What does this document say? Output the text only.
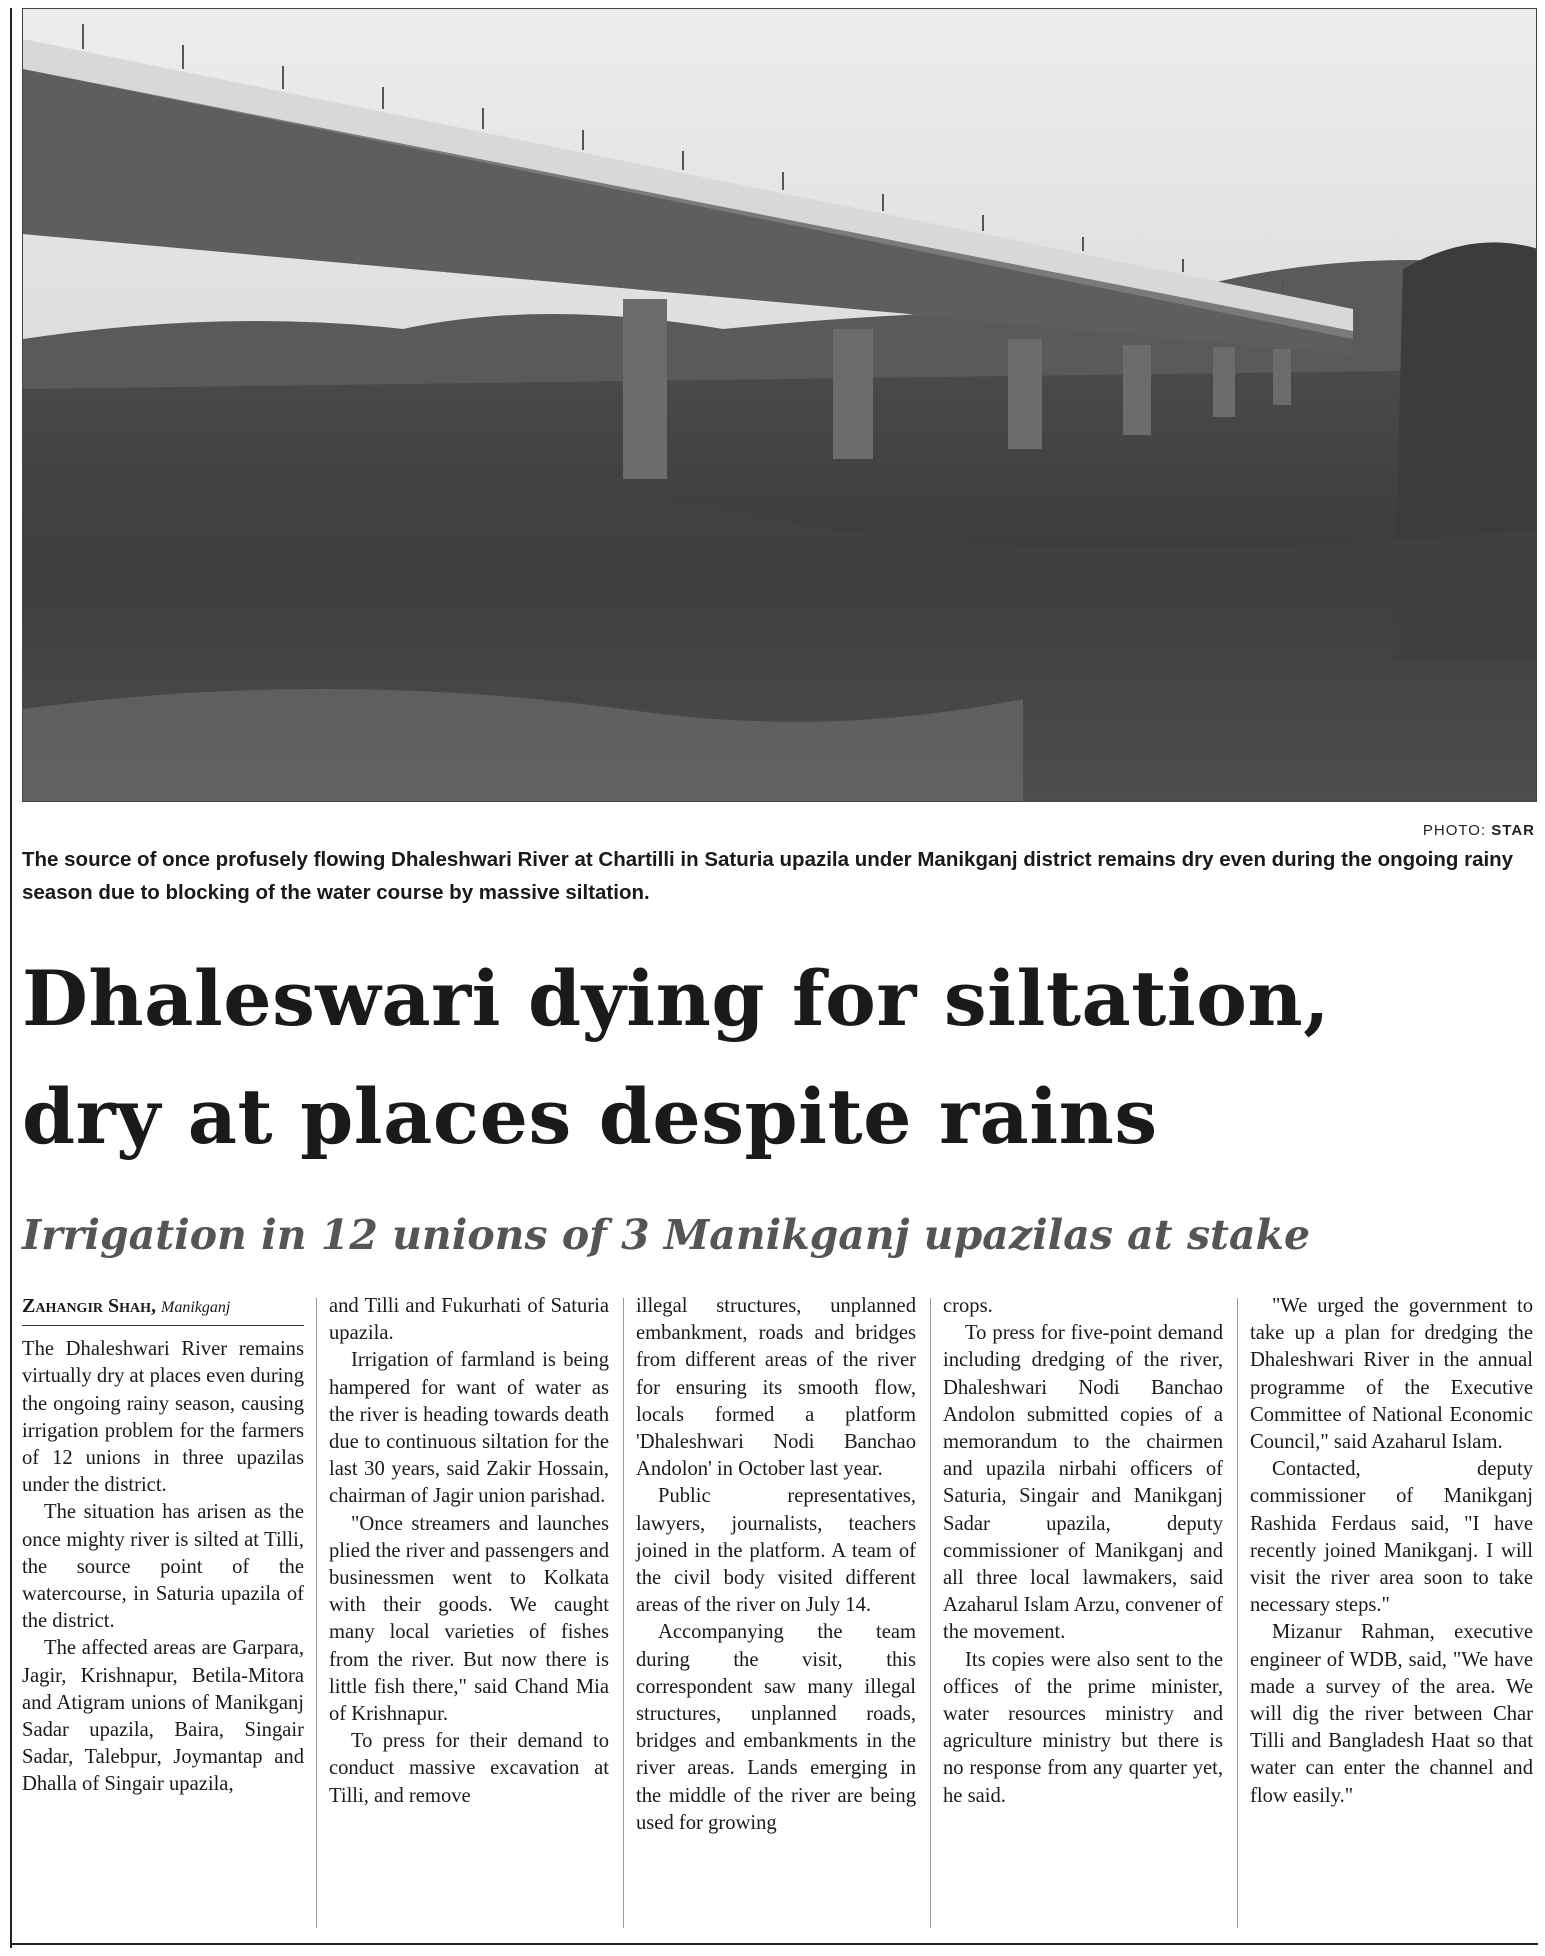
PHOTO: STAR
The source of once profusely flowing Dhaleshwari River at Chartilli in Saturia upazila under Manikganj district remains dry even during the ongoing rainy season due to blocking of the water course by massive siltation.
Dhaleswari dying for siltation,
dry at places despite rains
Irrigation in 12 unions of 3 Manikganj upazilas at stake

Zahangir Shah, Manikganj

The Dhaleshwari River remains virtually dry at places even during the ongoing rainy season, causing irrigation problem for the farmers of 12 unions in three upazilas under the district.

The situation has arisen as the once mighty river is silted at Tilli, the source point of the watercourse, in Saturia upazila of the district.

The affected areas are Garpara, Jagir, Krishnapur, Betila-Mitora and Atigram unions of Manikganj Sadar upazila, Baira, Singair Sadar, Talebpur, Joymantap and Dhalla of Singair upazila,

and Tilli and Fukurhati of Saturia upazila.

Irrigation of farmland is being hampered for want of water as the river is heading towards death due to continuous siltation for the last 30 years, said Zakir Hossain, chairman of Jagir union parishad.

"Once streamers and launches plied the river and passengers and businessmen went to Kolkata with their goods. We caught many local varieties of fishes from the river. But now there is little fish there," said Chand Mia of Krishnapur.

To press for their demand to conduct massive excavation at Tilli, and remove

illegal structures, unplanned embankment, roads and bridges from different areas of the river for ensuring its smooth flow, locals formed a platform 'Dhaleshwari Nodi Banchao Andolon' in October last year.

Public representatives, lawyers, journalists, teachers joined in the platform. A team of the civil body visited different areas of the river on July 14.

Accompanying the team during the visit, this correspondent saw many illegal structures, unplanned roads, bridges and embankments in the river areas. Lands emerging in the middle of the river are being used for growing

crops.

To press for five-point demand including dredging of the river, Dhaleshwari Nodi Banchao Andolon submitted copies of a memorandum to the chairmen and upazila nirbahi officers of Saturia, Singair and Manikganj Sadar upazila, deputy commissioner of Manikganj and all three local lawmakers, said Azaharul Islam Arzu, convener of the movement.

Its copies were also sent to the offices of the prime minister, water resources ministry and agriculture ministry but there is no response from any quarter yet, he said.

"We urged the government to take up a plan for dredging the Dhaleshwari River in the annual programme of the Executive Committee of National Economic Council," said Azaharul Islam.

Contacted, deputy commissioner of Manikganj Rashida Ferdaus said, "I have recently joined Manikganj. I will visit the river area soon to take necessary steps."

Mizanur Rahman, executive engineer of WDB, said, "We have made a survey of the area. We will dig the river between Char Tilli and Bangladesh Haat so that water can enter the channel and flow easily."
